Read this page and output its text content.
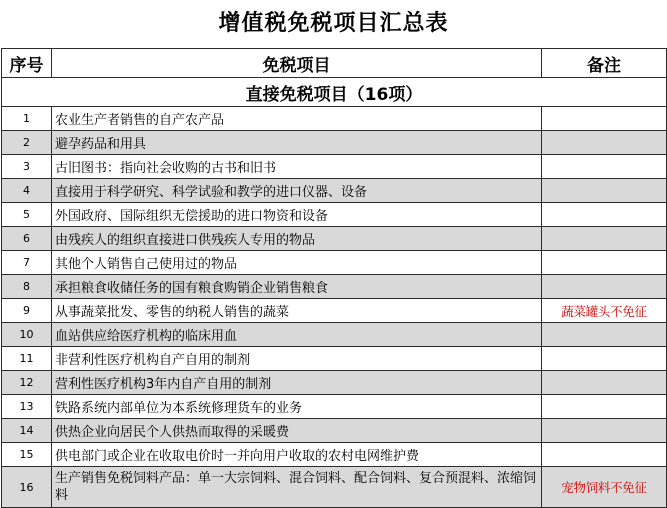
增值税免税项目汇总表
序号	免税项目	备注
直接免税项目（16项）		
1	农业生产者销售的自产农产品	
2	避孕药品和用具	
3	古旧图书：指向社会收购的古书和旧书	
4	直接用于科学研究、科学试验和教学的进口仪器、设备	
5	外国政府、国际组织无偿援助的进口物资和设备	
6	由残疾人的组织直接进口供残疾人专用的物品	
7	其他个人销售自己使用过的物品	
8	承担粮食收储任务的国有粮食购销企业销售粮食	
9	从事蔬菜批发、零售的纳税人销售的蔬菜	蔬菜罐头不免征
10	血站供应给医疗机构的临床用血	
11	非营利性医疗机构自产自用的制剂	
12	营利性医疗机构3年内自产自用的制剂	
13	铁路系统内部单位为本系统修理货车的业务	
14	供热企业向居民个人供热而取得的采暖费	
15	供电部门或企业在收取电价时一并向用户收取的农村电网维护费	
16	生产销售免税饲料产品：单一大宗饲料、混合饲料、配合饲料、复合预混料、浓缩饲料	宠物饲料不免征
